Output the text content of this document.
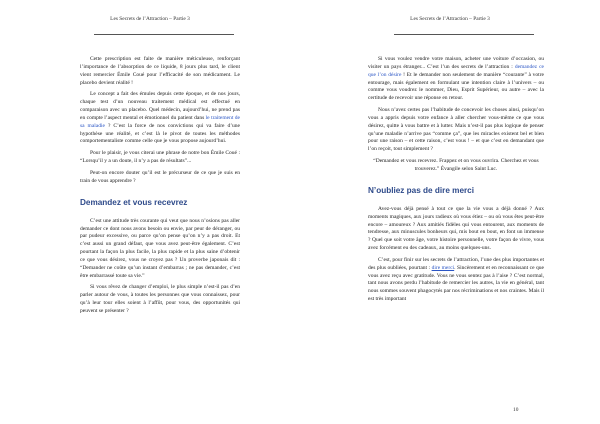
Les Secrets de l’Attraction – Partie 3

Cette prescription est faite de manière méticuleuse, renforçant l’importance de l’absorption de ce liquide, 8 jours plus tard, le client vient remercier Émile Coué pour l’efficacité de son médicament. Le placebo devient réalité !

Le concept a fait des émules depuis cette époque, et de nos jours, chaque test d’un nouveau traitement médical est effectué en comparaison avec un placebo. Quel médecin, aujourd’hui, ne prend pas en compte l’aspect mental et émotionnel du patient dans le traitement de sa maladie ? C’est la force de nos convictions qui va faire d’une hypothèse une réalité, et c’est là le pivot de toutes les méthodes comportementaliste comme celle que je vous propose aujourd’hui.

Pour le plaisir, je vous citerai une phrase de notre bon Émile Coué : “Lorsqu’il y a un doute, il n’y a pas de résultats”...

Peut-on encore douter qu’il est le précurseur de ce que je suis en train de vous apprendre ?

Demandez et vous recevrez

C’est une attitude très courante qui veut que nous n’osions pas aller demander ce dont nous avons besoin ou envie, par peur de déranger, ou par pudeur excessive, ou parce qu’on pense qu’on n’y a pas droit. Et c’est aussi un grand défaut, que vous avez peut-être également. C’est pourtant la façon la plus facile, la plus rapide et la plus saine d’obtenir ce que vous désirez, vous ne croyez pas ? Un proverbe japonais dit : “Demander ne coûte qu’un instant d’embarras ; ne pas demander, c’est être embarrassé toute sa vie.”

Si vous rêvez de changer d’emploi, le plus simple n’est-il pas d’en parler autour de vous, à toutes les personnes que vous connaissez, pour qu’à leur tour elles soient à l’affût, pour vous, des opportunités qui peuvent se présenter ?

Les Secrets de l’Attraction – Partie 3

Si vous voulez vendre votre maison, acheter une voiture d’occasion, ou visiter un pays étranger... C’est l’un des secrets de l’attraction : demandez ce que l’on désire ! Et le demander non seulement de manière “courante” à votre entourage, mais également en formulant une intention claire à l’univers – ou comme vous voudrez le nommer, Dieu, Esprit Supérieur, ou autre – avec la certitude de recevoir une réponse en retour.

Nous n’avez certes pas l’habitude de concevoir les choses ainsi, puisqu’on vous a appris depuis votre enfance à aller chercher vous-même ce que vous désirez, quitte à vous battre et à lutter. Mais n’est-il pas plus logique de penser qu’une maladie n’arrive pas “comme ça”, que les miracles existent bel et bien pour une raison – et cette raison, c’est vous ! – et que c’est en demandant que l’on reçoit, tout simplement ?

“Demandez et vous recevrez. Frappez et on vous ouvrira. Cherchez et vous trouverez.” Évangile selon Saint Luc.

N’oubliez pas de dire merci

Avez-vous déjà pensé à tout ce que la vie vous a déjà donné ? Aux moments magiques, aux jours radieux où vous étiez – ou où vous êtes peut-être encore – amoureux ? Aux amitiés fidèles qui vous entourent, aux moments de tendresse, aux minuscules bonheurs qui, mis bout en bout, en font un immense ? Quel que soit votre âge, votre histoire personnelle, votre façon de vivre, vous avez forcément eu des cadeaux, au moins quelques-uns.

C’est, pour finir sur les secrets de l’attraction, l’une des plus importantes et des plus oubliées, pourtant : dire merci. Sincèrement et en reconnaissant ce que vous avez reçu avec gratitude. Vous ne vous sentez pas à l’aise ? C’est normal, tant nous avons perdu l’habitude de remercier les autres, la vie en général, tant nous sommes souvent phagocytés par nos récriminations et nos craintes. Mais il est très important

10
